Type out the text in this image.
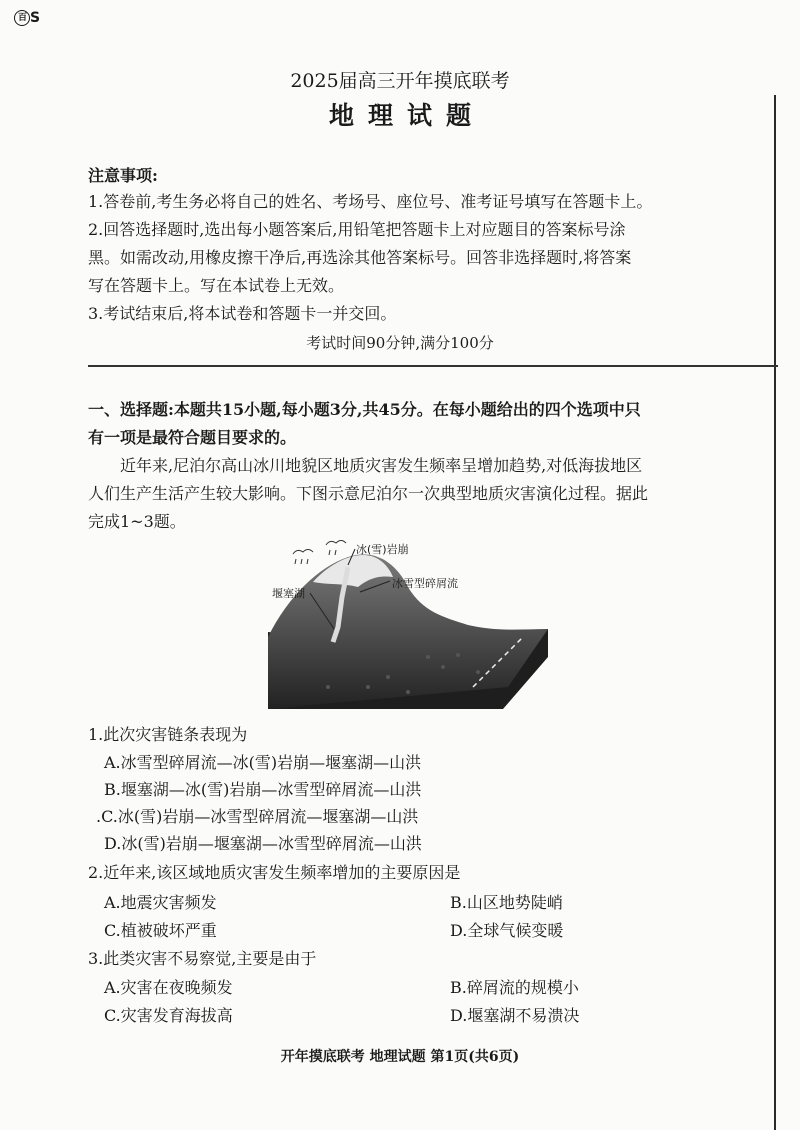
百 S
2025届高三开年摸底联考
地理试题
注意事项:
1.答卷前,考生务必将自己的姓名、考场号、座位号、准考证号填写在答题卡上。
2.回答选择题时,选出每小题答案后,用铅笔把答题卡上对应题目的答案标号涂
黑。如需改动,用橡皮擦干净后,再选涂其他答案标号。回答非选择题时,将答案
写在答题卡上。写在本试卷上无效。
3.考试结束后,将本试卷和答题卡一并交回。
考试时间90分钟,满分100分
一、选择题:本题共15小题,每小题3分,共45分。在每小题给出的四个选项中只
有一项是最符合题目要求的。
近年来,尼泊尔高山冰川地貌区地质灾害发生频率呈增加趋势,对低海拔地区
人们生产生活产生较大影响。下图示意尼泊尔一次典型地质灾害演化过程。据此
完成1~3题。
冰(雪)岩崩
冰雪型碎屑流
堰塞湖
1.此次灾害链条表现为
A.冰雪型碎屑流—冰(雪)岩崩—堰塞湖—山洪
B.堰塞湖—冰(雪)岩崩—冰雪型碎屑流—山洪
.C.冰(雪)岩崩—冰雪型碎屑流—堰塞湖—山洪
D.冰(雪)岩崩—堰塞湖—冰雪型碎屑流—山洪
2.近年来,该区域地质灾害发生频率增加的主要原因是
A.地震灾害频发	B.山区地势陡峭
C.植被破坏严重	D.全球气候变暖
3.此类灾害不易察觉,主要是由于
A.灾害在夜晚频发	B.碎屑流的规模小
C.灾害发育海拔高	D.堰塞湖不易溃决
开年摸底联考 地理试题 第1页(共6页)
